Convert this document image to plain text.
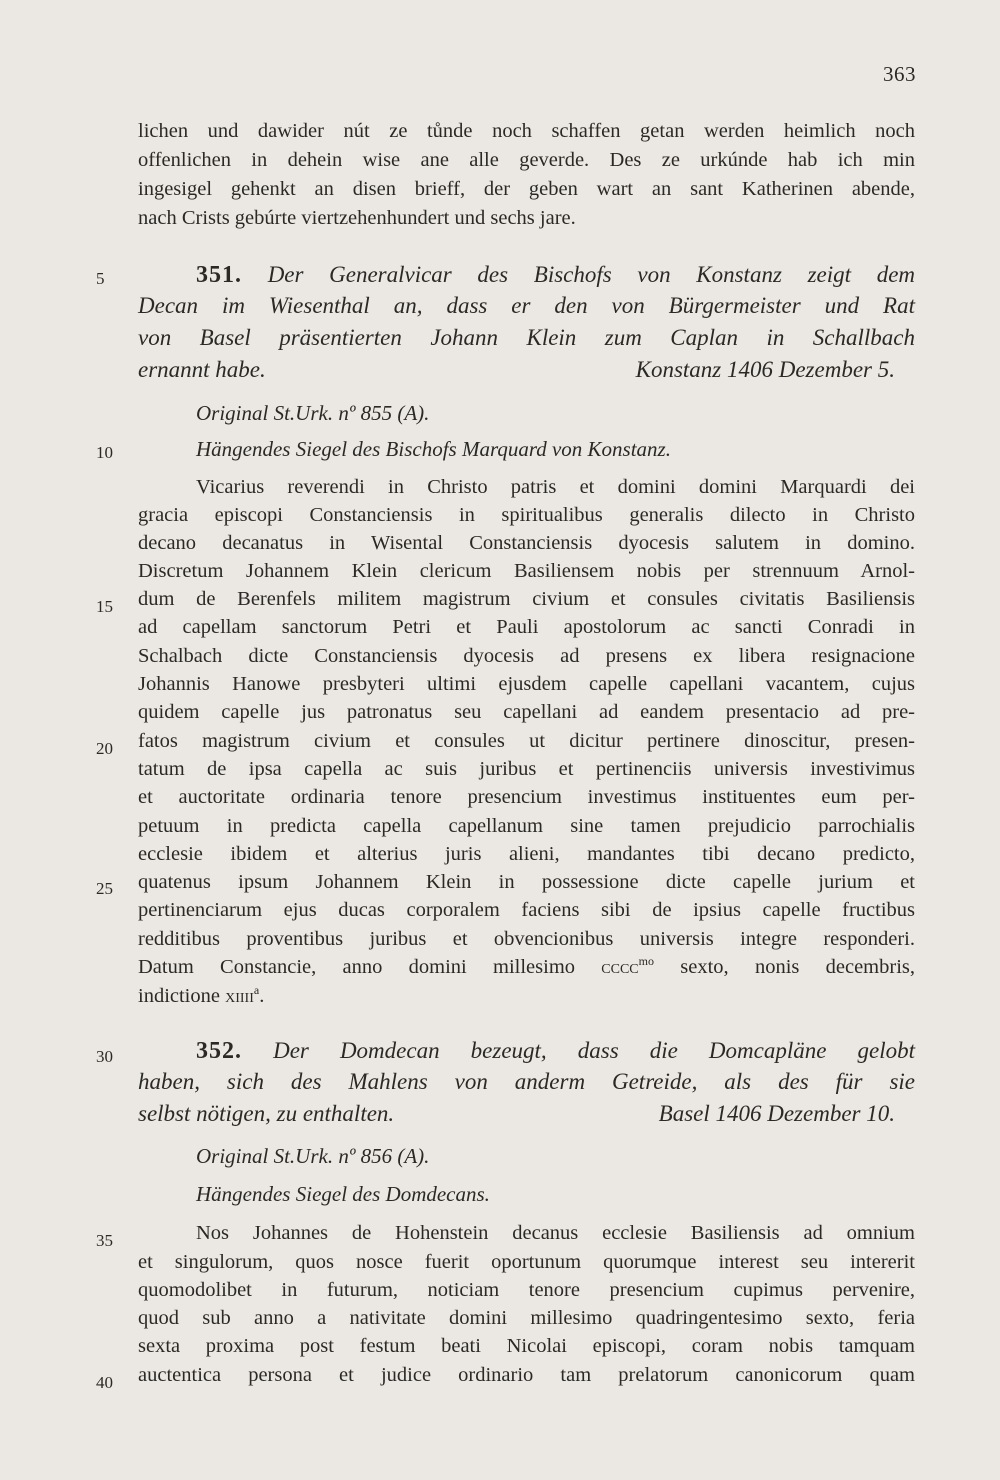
363
5
10
15
20
25
30
35
40
lichen und dawider nút ze tůnde noch schaffen getan werden heimlich noch
offenlichen in dehein wise ane alle geverde. Des ze urkúnde hab ich min
ingesigel gehenkt an disen brieff, der geben wart an sant Katherinen abende,
nach Crists gebúrte viertzehenhundert und sechs jare.
351. Der Generalvicar des Bischofs von Konstanz zeigt dem
Decan im Wiesenthal an, dass er den von Bürgermeister und Rat
von Basel präsentierten Johann Klein zum Caplan in Schallbach
ernannt habe.	Konstanz 1406 Dezember 5.
Original St.Urk. nº 855 (A).
Hängendes Siegel des Bischofs Marquard von Konstanz.
Vicarius reverendi in Christo patris et domini domini Marquardi dei
gracia episcopi Constanciensis in spiritualibus generalis dilecto in Christo
decano decanatus in Wisental Constanciensis dyocesis salutem in domino.
Discretum Johannem Klein clericum Basiliensem nobis per strennuum Arnol-
dum de Berenfels militem magistrum civium et consules civitatis Basiliensis
ad capellam sanctorum Petri et Pauli apostolorum ac sancti Conradi in
Schalbach dicte Constanciensis dyocesis ad presens ex libera resignacione
Johannis Hanowe presbyteri ultimi ejusdem capelle capellani vacantem, cujus
quidem capelle jus patronatus seu capellani ad eandem presentacio ad pre-
fatos magistrum civium et consules ut dicitur pertinere dinoscitur, presen-
tatum de ipsa capella ac suis juribus et pertinenciis universis investivimus
et auctoritate ordinaria tenore presencium investimus instituentes eum per-
petuum in predicta capella capellanum sine tamen prejudicio parrochialis
ecclesie ibidem et alterius juris alieni, mandantes tibi decano predicto,
quatenus ipsum Johannem Klein in possessione dicte capelle jurium et
pertinenciarum ejus ducas corporalem faciens sibi de ipsius capelle fructibus
redditibus proventibus juribus et obvencionibus universis integre responderi.
Datum Constancie, anno domini millesimo cccc$^{mo}$ sexto, nonis decembris,
indictione xiiii$^a$.
352. Der Domdecan bezeugt, dass die Domcapläne gelobt
haben, sich des Mahlens von anderm Getreide, als des für sie
selbst nötigen, zu enthalten.	Basel 1406 Dezember 10.
Original St.Urk. nº 856 (A).
Hängendes Siegel des Domdecans.
Nos Johannes de Hohenstein decanus ecclesie Basiliensis ad omnium
et singulorum, quos nosce fuerit oportunum quorumque interest seu intererit
quomodolibet in futurum, noticiam tenore presencium cupimus pervenire,
quod sub anno a nativitate domini millesimo quadringentesimo sexto, feria
sexta proxima post festum beati Nicolai episcopi, coram nobis tamquam
auctentica persona et judice ordinario tam prelatorum canonicorum quam
